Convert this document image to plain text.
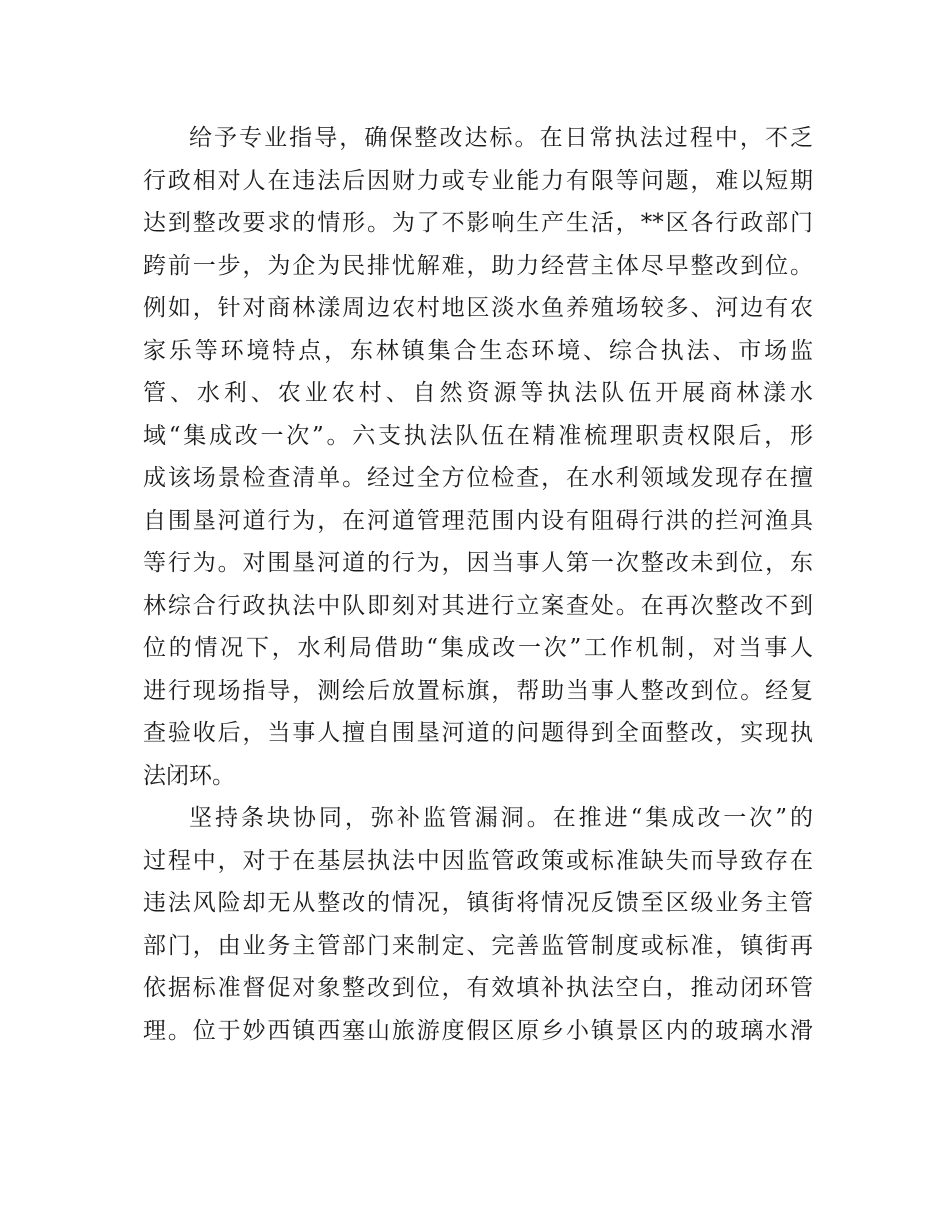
给予专业指导，确保整改达标。在日常执法过程中，不乏
行政相对人在违法后因财力或专业能力有限等问题，难以短期
达到整改要求的情形。为了不影响生产生活，**区各行政部门
跨前一步，为企为民排忧解难，助力经营主体尽早整改到位。
例如，针对商林漾周边农村地区淡水鱼养殖场较多、河边有农
家乐等环境特点，东林镇集合生态环境、综合执法、市场监
管、水利、农业农村、自然资源等执法队伍开展商林漾水
域“集成改一次”。六支执法队伍在精准梳理职责权限后，形
成该场景检查清单。经过全方位检查，在水利领域发现存在擅
自围垦河道行为，在河道管理范围内设有阻碍行洪的拦河渔具
等行为。对围垦河道的行为，因当事人第一次整改未到位，东
林综合行政执法中队即刻对其进行立案查处。在再次整改不到
位的情况下，水利局借助“集成改一次”工作机制，对当事人
进行现场指导，测绘后放置标旗，帮助当事人整改到位。经复
查验收后，当事人擅自围垦河道的问题得到全面整改，实现执
法闭环。
坚持条块协同，弥补监管漏洞。在推进“集成改一次”的
过程中，对于在基层执法中因监管政策或标准缺失而导致存在
违法风险却无从整改的情况，镇街将情况反馈至区级业务主管
部门，由业务主管部门来制定、完善监管制度或标准，镇街再
依据标准督促对象整改到位，有效填补执法空白，推动闭环管
理。位于妙西镇西塞山旅游度假区原乡小镇景区内的玻璃水滑
